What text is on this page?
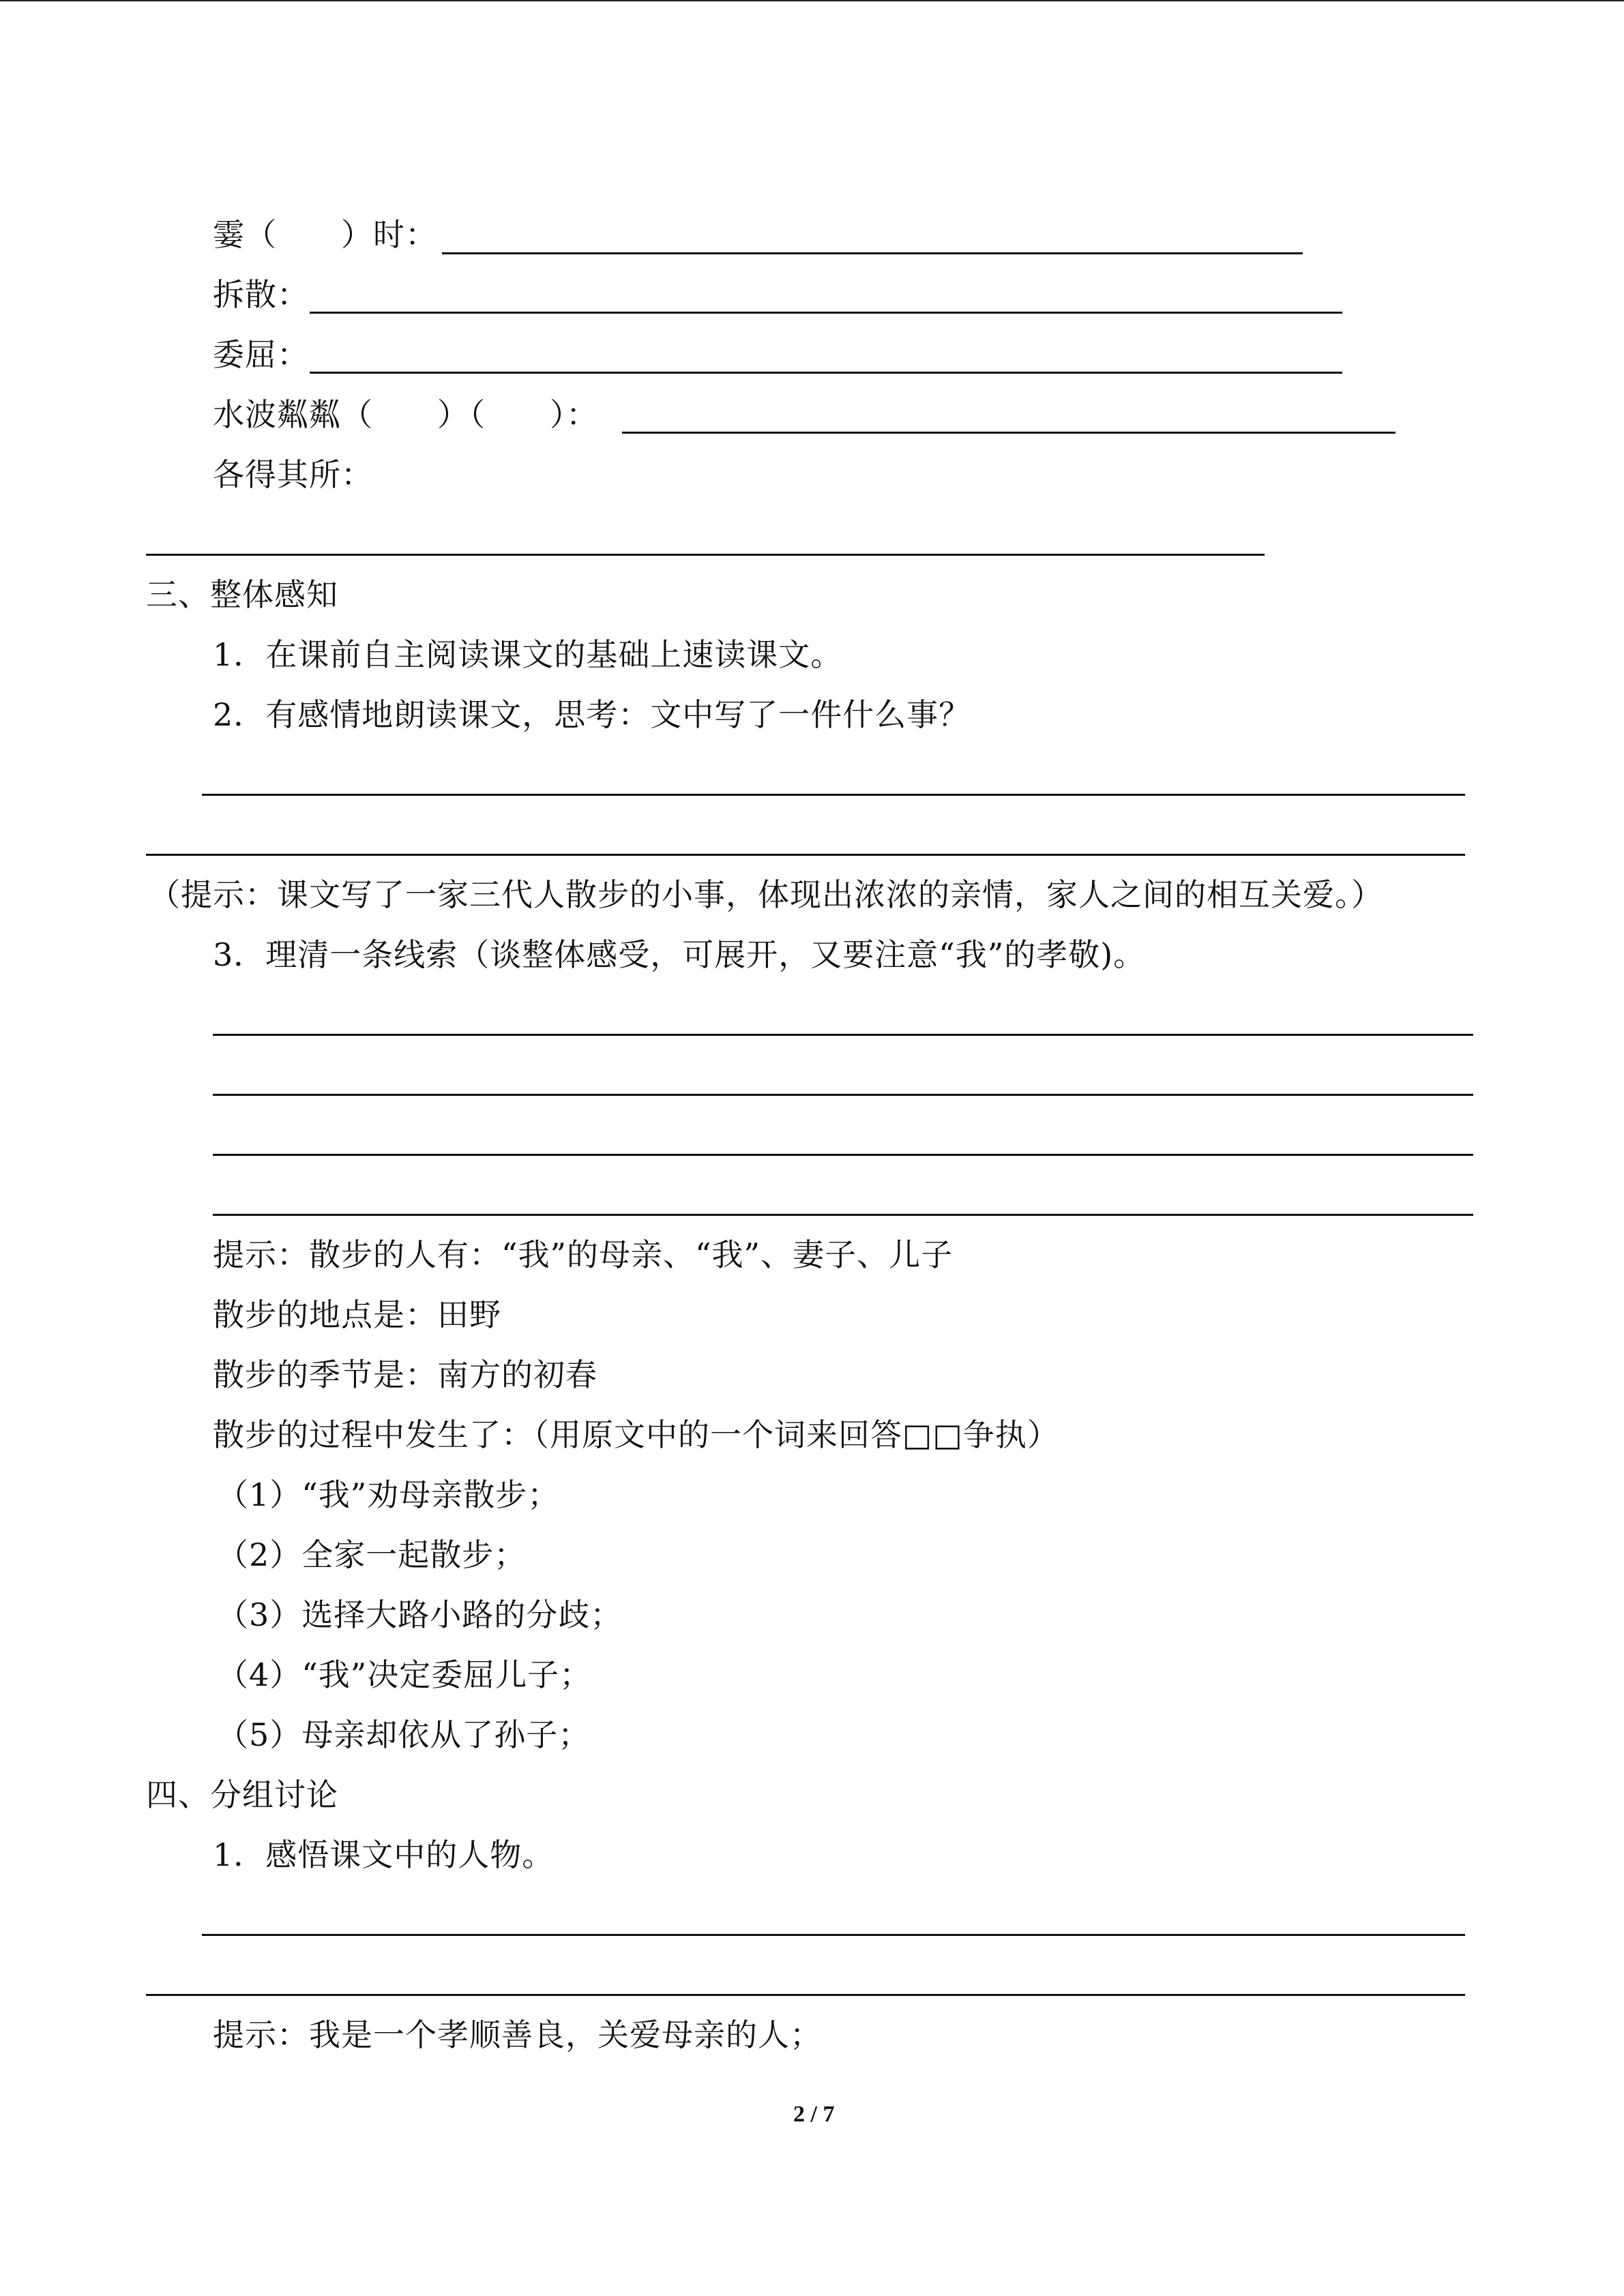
霎（　　）时：
拆散：
委屈：
水波粼粼（　　）（　　）：
各得其所：
三、整体感知
1．在课前自主阅读课文的基础上速读课文。
2．有感情地朗读课文，思考：文中写了一件什么事？
（提示：课文写了一家三代人散步的小事，体现出浓浓的亲情，家人之间的相互关爱。）
3．理清一条线索（谈整体感受，可展开，又要注意“我”的孝敬)。
提示：散步的人有：“我”的母亲、“我”、妻子、儿子
散步的地点是：田野
散步的季节是：南方的初春
散步的过程中发生了：（用原文中的一个词来回答□□争执）
（1）“我”劝母亲散步；
（2）全家一起散步；
（3）选择大路小路的分歧；
（4）“我”决定委屈儿子；
（5）母亲却依从了孙子；
四、分组讨论
1．感悟课文中的人物。
提示：我是一个孝顺善良，关爱母亲的人；
2 / 7
